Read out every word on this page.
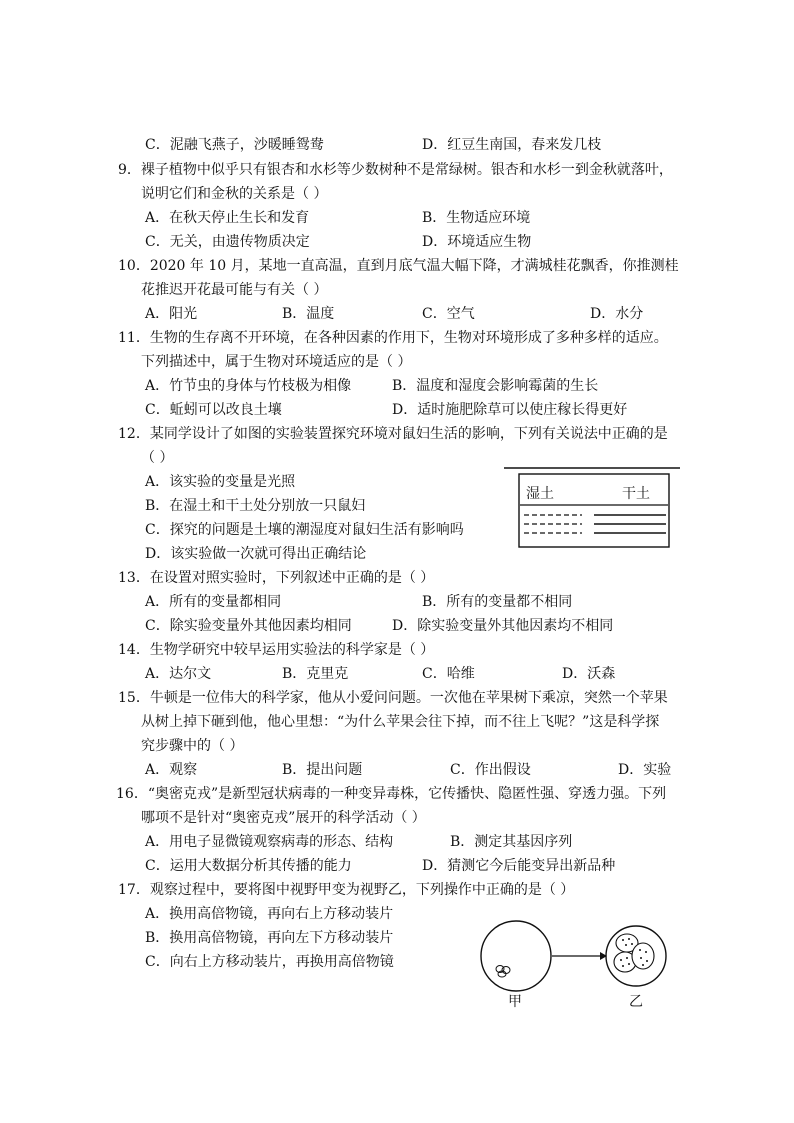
C．泥融飞燕子，沙暖睡鸳鸯	D．红豆生南国，春来发几枝
9．裸子植物中似乎只有银杏和水杉等少数树种不是常绿树。银杏和水杉一到金秋就落叶，
说明它们和金秋的关系是（ ）
A．在秋天停止生长和发育	B．生物适应环境
C．无关，由遗传物质决定	D．环境适应生物
10．2020 年 10 月，某地一直高温，直到月底气温大幅下降，才满城桂花飘香，你推测桂
花推迟开花最可能与有关（ ）
A．阳光	B．温度	C．空气	D．水分
11．生物的生存离不开环境，在各种因素的作用下，生物对环境形成了多种多样的适应。
下列描述中，属于生物对环境适应的是（ ）
A．竹节虫的身体与竹枝极为相像	B．温度和湿度会影响霉菌的生长
C．蚯蚓可以改良土壤	D．适时施肥除草可以使庄稼长得更好
12．某同学设计了如图的实验装置探究环境对鼠妇生活的影响，下列有关说法中正确的是
（ ）
A．该实验的变量是光照
B．在湿土和干土处分别放一只鼠妇
C．探究的问题是土壤的潮湿度对鼠妇生活有影响吗
D．该实验做一次就可得出正确结论
湿土	干土
13．在设置对照实验时，下列叙述中正确的是（ ）
A．所有的变量都相同	B．所有的变量都不相同
C．除实验变量外其他因素均相同	D．除实验变量外其他因素均不相同
14．生物学研究中较早运用实验法的科学家是（ ）
A．达尔文	B．克里克	C．哈维	D．沃森
15．牛顿是一位伟大的科学家，他从小爱问问题。一次他在苹果树下乘凉，突然一个苹果
从树上掉下砸到他，他心里想：“为什么苹果会往下掉，而不往上飞呢？”这是科学探
究步骤中的（ ）
A．观察	B．提出问题	C．作出假设	D．实验
16．“奥密克戎”是新型冠状病毒的一种变异毒株，它传播快、隐匿性强、穿透力强。下列
哪项不是针对“奥密克戎”展开的科学活动（ ）
A．用电子显微镜观察病毒的形态、结构	B．测定其基因序列
C．运用大数据分析其传播的能力	D．猜测它今后能变异出新品种
17．观察过程中，要将图中视野甲变为视野乙，下列操作中正确的是（ ）
A．换用高倍物镜，再向右上方移动装片
B．换用高倍物镜，再向左下方移动装片
C．向右上方移动装片，再换用高倍物镜
甲	乙
